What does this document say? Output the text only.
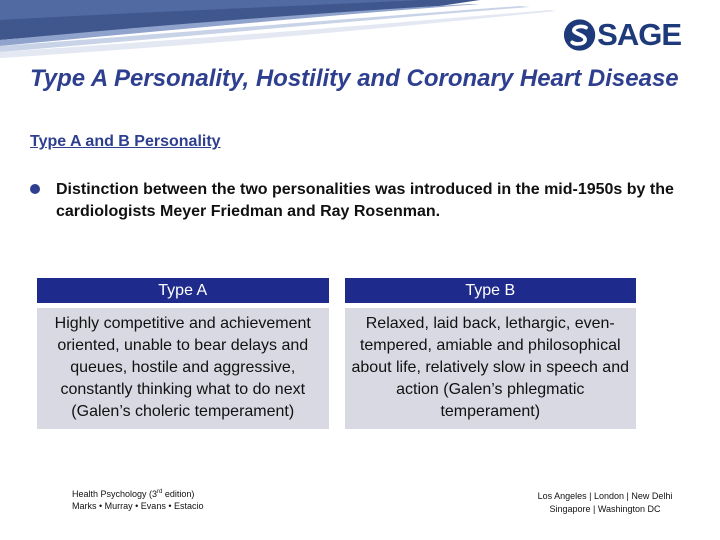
SAGE
Type A Personality, Hostility and Coronary Heart Disease

Type A and B Personality

Distinction between the two personalities was introduced in the mid-1950s by the cardiologists Meyer Friedman and Ray Rosenman.
Type A	Type B

Highly competitive and achievement oriented, unable to bear delays and queues, hostile and aggressive, constantly thinking what to do next (Galen’s choleric temperament)	Relaxed, laid back, lethargic, even-tempered, amiable and philosophical about life, relatively slow in speech and action (Galen’s phlegmatic temperament)
Health Psychology (3rd edition)
Marks • Murray • Evans • Estacio
Los Angeles | London | New Delhi
Singapore | Washington DC
